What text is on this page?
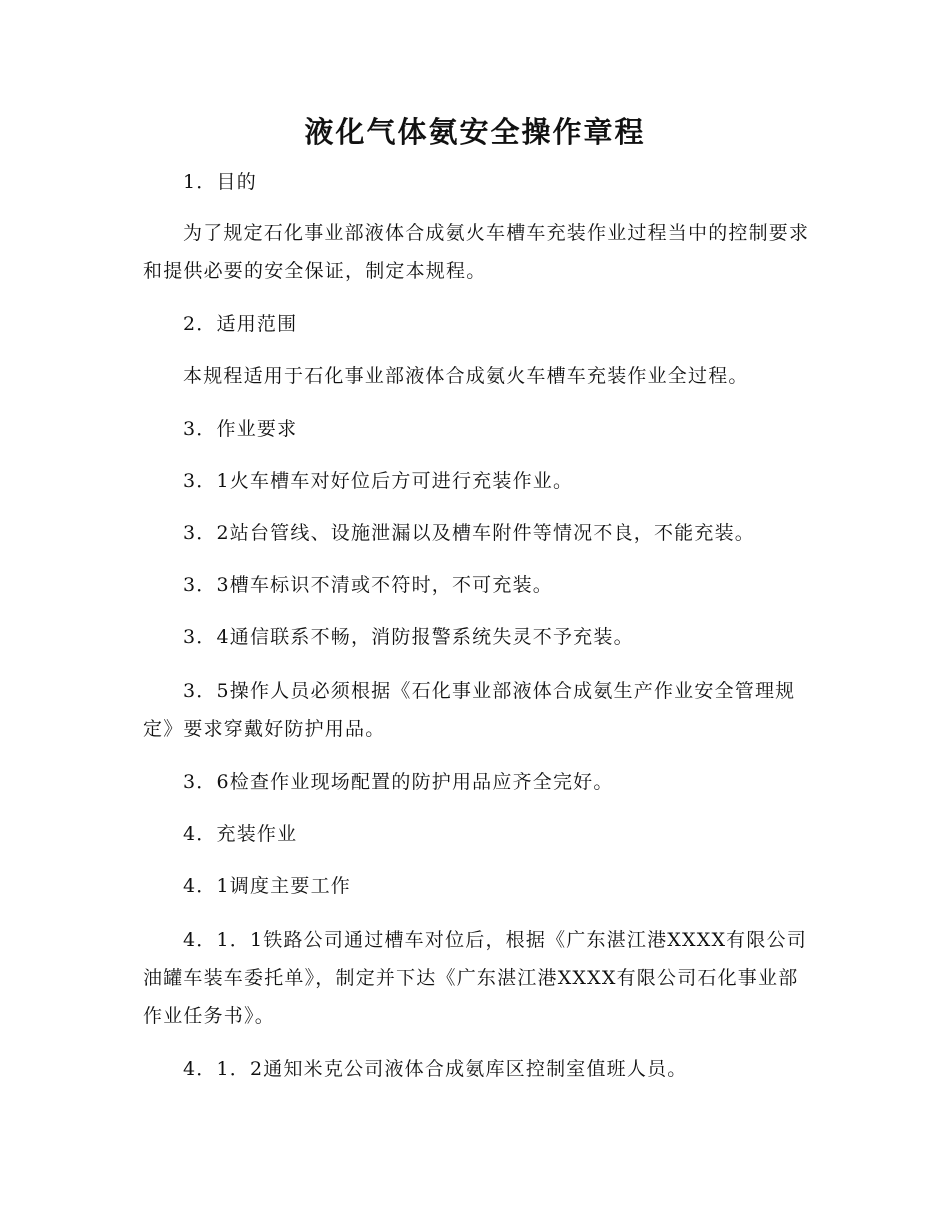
液化气体氨安全操作章程

1．目的

为了规定石化事业部液体合成氨火车槽车充装作业过程当中的控制要求和提供必要的安全保证，制定本规程。

2．适用范围

本规程适用于石化事业部液体合成氨火车槽车充装作业全过程。

3．作业要求

3．1火车槽车对好位后方可进行充装作业。

3．2站台管线、设施泄漏以及槽车附件等情况不良，不能充装。

3．3槽车标识不清或不符时，不可充装。

3．4通信联系不畅，消防报警系统失灵不予充装。

3．5操作人员必须根据《石化事业部液体合成氨生产作业安全管理规定》要求穿戴好防护用品。

3．6检查作业现场配置的防护用品应齐全完好。

4．充装作业

4．1调度主要工作

4．1．1铁路公司通过槽车对位后，根据《广东湛江港XXXX有限公司油罐车装车委托单》，制定并下达《广东湛江港XXXX有限公司石化事业部作业任务书》。

4．1．2通知米克公司液体合成氨库区控制室值班人员。
